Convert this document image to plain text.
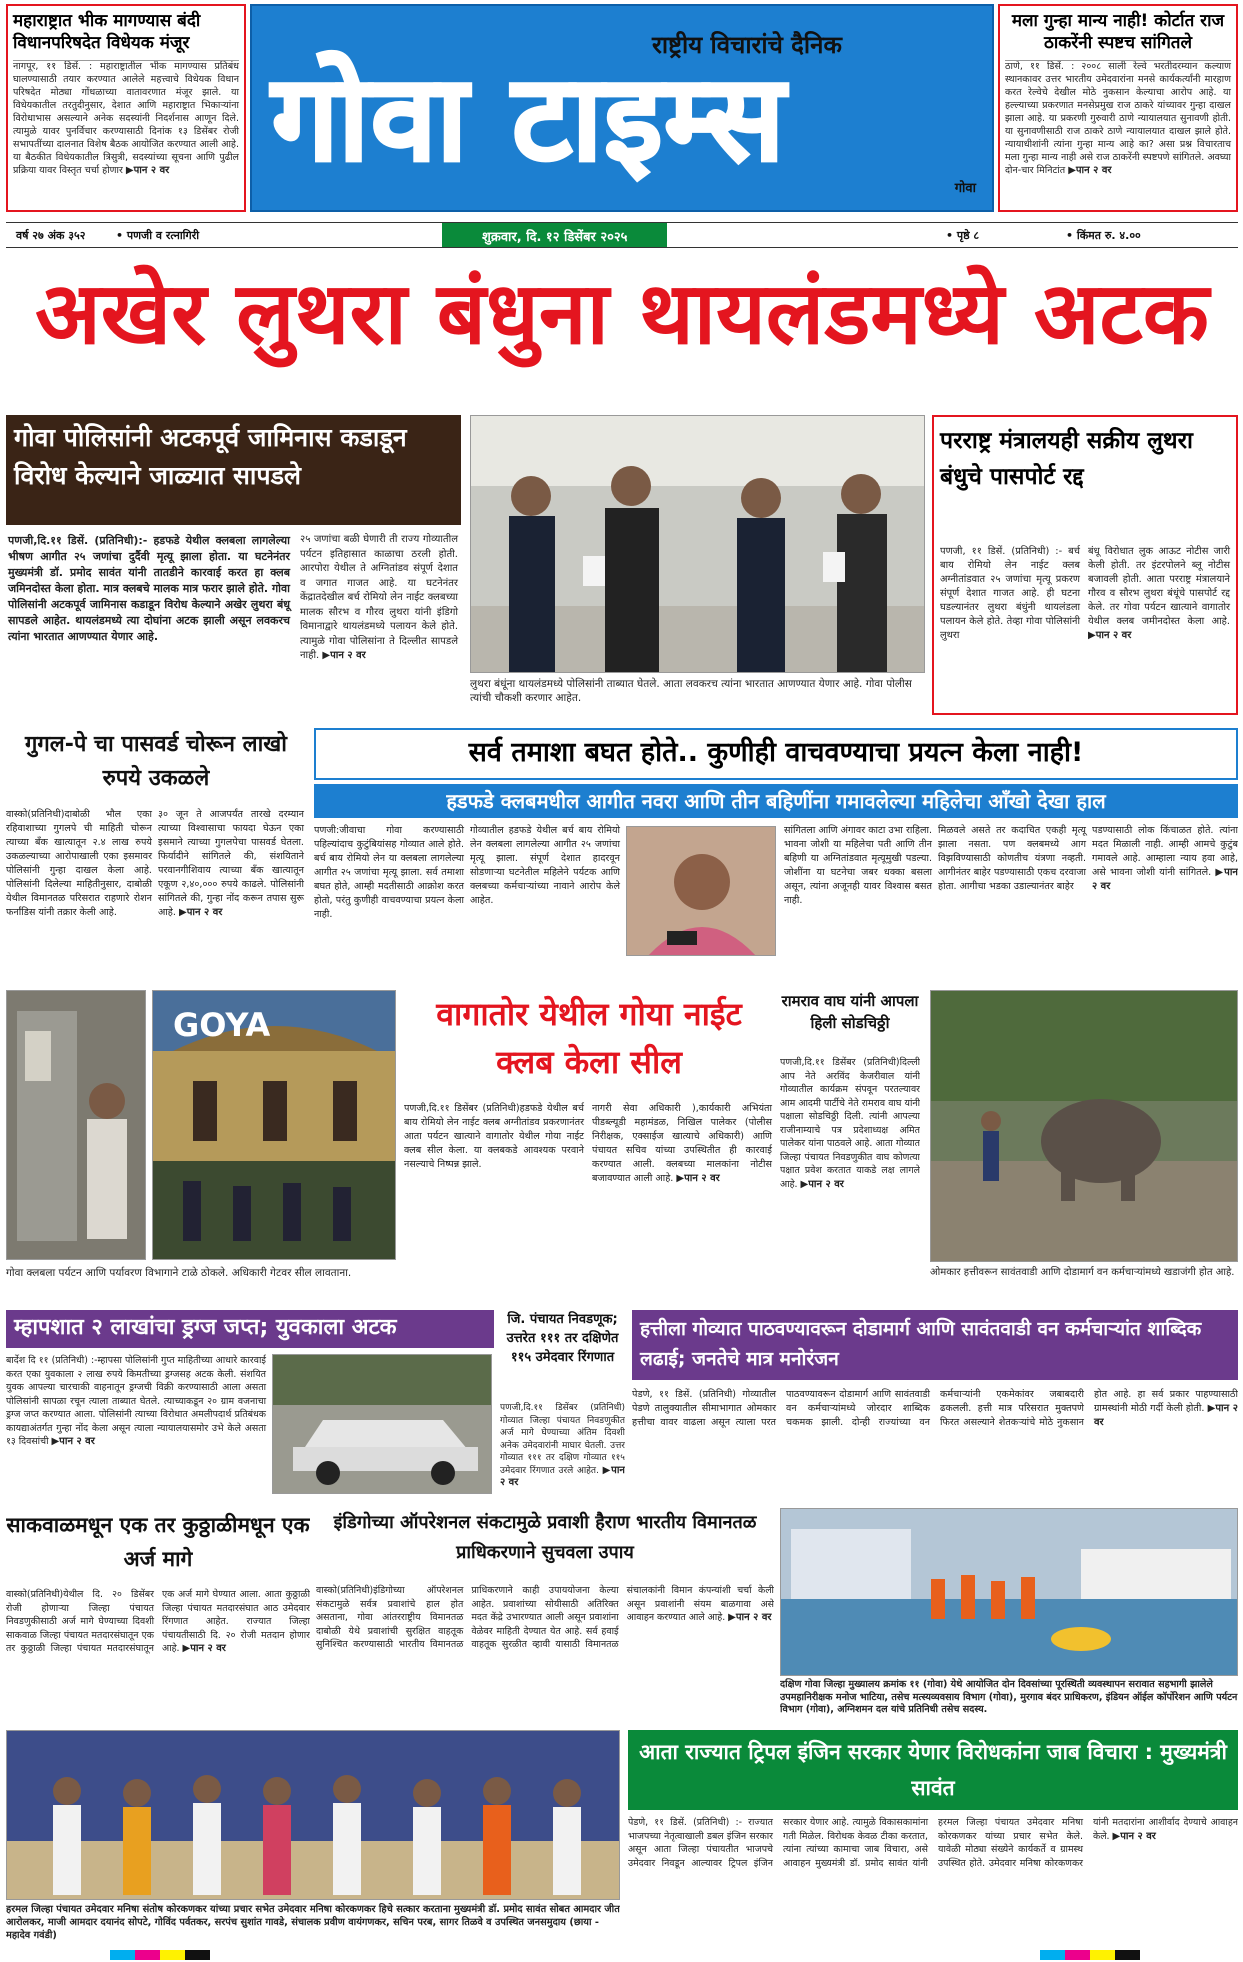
महाराष्ट्रात भीक मागण्यास बंदी विधानपरिषदेत विधेयक मंजूर
नागपूर, ११ डिसें. : महाराष्ट्रातील भीक मागण्यास प्रतिबंध घालण्यासाठी तयार करण्यात आलेले महत्त्वाचे विधेयक विधान परिषदेत मोठ्या गोंधळाच्या वातावरणात मंजूर झाले. या विधेयकातील तरतुदीनुसार, देशात आणि महाराष्ट्रात भिकाऱ्यांना विरोधाभास असल्याने अनेक सदस्यांनी निदर्शनास आणून दिले. त्यामुळे यावर पुनर्विचार करण्यासाठी दिनांक १३ डिसेंबर रोजी सभापतींच्या दालनात विशेष बैठक आयोजित करण्यात आली आहे. या बैठकीत विधेयकातील त्रिसुत्री, सदस्यांच्या सूचना आणि पुढील प्रक्रिया यावर विस्तृत चर्चा होणार ▶पान २ वर
राष्ट्रीय विचारांचे दैनिक
गोवा टाइम्स
गोवा
मला गुन्हा मान्य नाही! कोर्टात राज ठाकरेंनी स्पष्टच सांगितले
ठाणे, ११ डिसें. : २००८ साली रेल्वे भरतीदरम्यान कल्याण स्थानकावर उत्तर भारतीय उमेदवारांना मनसे कार्यकर्त्यांनी मारहाण करत रेल्वेचे देखील मोठे नुकसान केल्याचा आरोप आहे. या हल्ल्याच्या प्रकरणात मनसेप्रमुख राज ठाकरे यांच्यावर गुन्हा दाखल झाला आहे. या प्रकरणी गुरुवारी ठाणे न्यायालयात सुनावणी होती. या सुनावणीसाठी राज ठाकरे ठाणे न्यायालयात दाखल झाले होते. न्यायाधीशांनी त्यांना गुन्हा मान्य आहे का? असा प्रश्न विचारताच मला गुन्हा मान्य नाही असे राज ठाकरेंनी स्पष्टपणे सांगितले. अवघ्या दोन-चार मिनिटांत ▶पान २ वर
वर्ष २७ अंक ३५२	• पणजी व रत्नागिरी	शुक्रवार, दि. १२ डिसेंबर २०२५	• पृष्ठे ८	• किंमत रु. ४.००
अखेर लुथरा बंधुना थायलंडमध्ये अटक
गोवा पोलिसांनी अटकपूर्व जामिनास कडाडून विरोध केल्याने जाळ्यात सापडले
पणजी,दि.११ डिसें. (प्रतिनिधी):- हडफडे येथील क्लबला लागलेल्या भीषण आगीत २५ जणांचा दुर्दैवी मृत्यू झाला होता. या घटनेनंतर मुख्यमंत्री डॉ. प्रमोद सावंत यांनी तातडीने कारवाई करत हा क्लब जमिनदोस्त केला होता. मात्र क्लबचे मालक मात्र फरार झाले होते. गोवा पोलिसांनी अटकपूर्व जामिनास कडाडून विरोध केल्याने अखेर लुथरा बंधू सापडले आहेत. थायलंडमध्ये त्या दोघांना अटक झाली असून लवकरच त्यांना भारतात आणण्यात येणार आहे.
२५ जणांचा बळी घेणारी ती राज्य गोव्यातील पर्यटन इतिहासात काळाचा ठरली होती. आरपोरा येथील ते अग्नितांडव संपूर्ण देशात व जगात गाजत आहे. या घटनेनंतर केंद्रातदेखील बर्च रोमियो लेन नाईट क्लबच्या मालक सौरभ व गौरव लुथरा यांनी इंडिगो विमानाद्वारे थायलंडमध्ये पलायन केले होते. त्यामुळे गोवा पोलिसांना ते दिल्लीत सापडले नाही. ▶पान २ वर
लुथरा बंधूंना थायलंडमध्ये पोलिसांनी ताब्यात घेतले. आता लवकरच त्यांना भारतात आणण्यात येणार आहे. गोवा पोलीस त्यांची चौकशी करणार आहेत.
परराष्ट्र मंत्रालयही सक्रीय लुथरा बंधुचे पासपोर्ट रद्द
पणजी, ११ डिसें. (प्रतिनिधी) :- बर्च बाय रोमियो लेन नाईट क्लब अग्नीतांडवात २५ जणांचा मृत्यू प्रकरण संपूर्ण देशात गाजत आहे. ही घटना घडल्यानंतर लुथरा बंधुंनी थायलंडला पलायन केले होते. तेव्हा गोवा पोलिसांनी लुथरा
बंधू विरोधात लुक आऊट नोटीस जारी केली होती. तर इंटरपोलने ब्लू नोटीस बजावली होती. आता परराष्ट्र मंत्रालयाने गौरव व सौरभ लुथरा बंधूंचे पासपोर्ट रद्द केले. तर गोवा पर्यटन खात्याने वागातोर येथील क्लब जमीनदोस्त केला आहे. ▶पान २ वर
गुगल-पे चा पासवर्ड चोरून लाखो रुपये उकळले
वास्को(प्रतिनिधी)दाबोळी भौल एका रहिवाशाच्या गुगलपे ची माहिती चोरून त्याच्या बँक खात्यातून २.४ लाख रुपये उकळल्याच्या आरोपाखाली एका इसमावर पोलिसांनी गुन्हा दाखल केला आहे. पोलिसांनी दिलेल्या माहितीनुसार, दाबोळी येथील विमानतळ परिसरात राहणारे रोशन फर्नांडिस यांनी तक्रार केली आहे.
३० जून ते आजपर्यंत तारखे दरम्यान त्याच्या विश्वासाचा फायदा घेऊन एका इसमाने त्याच्या गुगलपेचा पासवर्ड घेतला. फिर्यादीने सांगितले की, संशयिताने परवानगीशिवाय त्याच्या बँक खात्यातून एकूण २,४०,००० रुपये काढले. पोलिसांनी सांगितले की, गुन्हा नोंद करून तपास सुरू आहे. ▶पान २ वर
सर्व तमाशा बघत होते.. कुणीही वाचवण्याचा प्रयत्न केला नाही!
हडफडे क्लबमधील आगीत नवरा आणि तीन बहिणींना गमावलेल्या महिलेचा आँखो देखा हाल
पणजी:जीवाचा गोवा करण्यासाठी पहिल्यांदाच कुटुंबियांसह गोव्यात आले होते. बर्च बाय रोमियो लेन या क्लबला लागलेल्या आगीत २५ जणांचा मृत्यू झाला. सर्व तमाशा बघत होते, आम्ही मदतीसाठी आक्रोश करत होतो, परंतु कुणीही वाचवण्याचा प्रयत्न केला नाही.
गोव्यातील हडफडे येथील बर्च बाय रोमियो लेन क्लबला लागलेल्या आगीत २५ जणांचा मृत्यू झाला. संपूर्ण देशात हादरवून सोडणाऱ्या घटनेतील महिलेने पर्यटक आणि क्लबच्या कर्मचाऱ्यांच्या नावाने आरोप केले आहेत.
सांगितला आणि अंगावर काटा उभा राहिला. भावना जोशी या महिलेचा पती आणि तीन बहिणी या अग्नितांडवात मृत्यूमुखी पडल्या. जोशींना या घटनेचा जबर धक्का बसला असून, त्यांना अजूनही यावर विश्वास बसत नाही.
मिळवले असते तर कदाचित एकही मृत्यू झाला नसता. पण क्लबमध्ये आग विझविण्यासाठी कोणतीच यंत्रणा नव्हती. आगीनंतर बाहेर पडण्यासाठी एकच दरवाजा होता. आगीचा भडका उडाल्यानंतर बाहेर
पडण्यासाठी लोक किंचाळत होते. त्यांना मदत मिळाली नाही. आम्ही आमचे कुटुंब गमावले आहे. आम्हाला न्याय हवा आहे, असे भावना जोशी यांनी सांगितले. ▶पान २ वर
GOYA
गोवा क्लबला पर्यटन आणि पर्यावरण विभागाने टाळे ठोकले. अधिकारी गेटवर सील लावताना.
वागातोर येथील गोया नाईट क्लब केला सील
पणजी,दि.११ डिसेंबर (प्रतिनिधी)हडफडे येथील बर्च बाय रोमियो लेन नाईट क्लब अग्नीतांडव प्रकरणानंतर आता पर्यटन खात्याने वागातोर येथील गोया नाईट क्लब सील केला. या क्लबकडे आवश्यक परवाने नसल्याचे निष्पन्न झाले.
नागरी सेवा अधिकारी ),कार्यकारी अभियंता पीडब्ल्यूडी महामंडळ, निखिल पालेकर (पोलीस निरीक्षक, एक्साईज खात्याचे अधिकारी) आणि पंचायत सचिव यांच्या उपस्थितीत ही कारवाई करण्यात आली. क्लबच्या मालकांना नोटीस बजावण्यात आली आहे. ▶पान २ वर
रामराव वाघ यांनी आपला हिली सोडचिठ्ठी
पणजी,दि.११ डिसेंबर (प्रतिनिधी)दिल्ली आप नेते अरविंद केजरीवाल यांनी गोव्यातील कार्यक्रम संपवून परतल्यावर आम आदमी पार्टीचे नेते रामराव वाघ यांनी पक्षाला सोडचिठ्ठी दिली. त्यांनी आपल्या राजीनाम्याचे पत्र प्रदेशाध्यक्ष अमित पालेकर यांना पाठवले आहे. आता गोव्यात जिल्हा पंचायत निवडणुकीत वाघ कोणत्या पक्षात प्रवेश करतात याकडे लक्ष लागले आहे. ▶पान २ वर
ओमकार हत्तीवरून सावंतवाडी आणि दोडामार्ग वन कर्मचाऱ्यांमध्ये खडाजंगी होत आहे.
म्हापशात २ लाखांचा ड्रग्ज जप्त; युवकाला अटक
बार्देश दि ११ (प्रतिनिधी) :-म्हापसा पोलिसांनी गुप्त माहितीच्या आधारे कारवाई करत एका युवकाला २ लाख रुपये किमतीच्या ड्रग्जसह अटक केली. संशयित युवक आपल्या चारचाकी वाहनातून ड्रग्जची विक्री करण्यासाठी आला असता पोलिसांनी सापळा रचून त्याला ताब्यात घेतले. त्याच्याकडून २० ग्राम वजनाचा ड्रग्ज जप्त करण्यात आला. पोलिसांनी त्याच्या विरोधात अमलीपदार्थ प्रतिबंधक कायद्याअंतर्गत गुन्हा नोंद केला असून त्याला न्यायालयासमोर उभे केले असता १३ दिवसांची ▶पान २ वर
जि. पंचायत निवडणूक; उत्तरेत १११ तर दक्षिणेत ११५ उमेदवार रिंगणात
पणजी,दि.११ डिसेंबर (प्रतिनिधी) गोव्यात जिल्हा पंचायत निवडणुकीत अर्ज मागे घेण्याच्या अंतिम दिवशी अनेक उमेदवारांनी माघार घेतली. उत्तर गोव्यात १११ तर दक्षिण गोव्यात ११५ उमेदवार रिंगणात उरले आहेत. ▶पान २ वर
हत्तीला गोव्यात पाठवण्यावरून दोडामार्ग आणि सावंतवाडी वन कर्मचाऱ्यांत शाब्दिक लढाई; जनतेचे मात्र मनोरंजन
पेडणे, ११ डिसें. (प्रतिनिधी) गोव्यातील पेडणे तालुक्यातील सीमाभागात ओमकार हत्तीचा वावर वाढला असून त्याला परत पाठवण्यावरून दोडामार्ग आणि सावंतवाडी वन कर्मचाऱ्यांमध्ये जोरदार शाब्दिक चकमक झाली. दोन्ही राज्यांच्या वन कर्मचाऱ्यांनी एकमेकांवर जबाबदारी ढकलली. हत्ती मात्र परिसरात मुक्तपणे फिरत असल्याने शेतकऱ्यांचे मोठे नुकसान होत आहे. हा सर्व प्रकार पाहण्यासाठी ग्रामस्थांनी मोठी गर्दी केली होती. ▶पान २ वर
साकवाळमधून एक तर कुठ्ठाळीमधून एक अर्ज मागे
वास्को(प्रतिनिधी)येथील दि. २० डिसेंबर रोजी होणाऱ्या जिल्हा पंचायत निवडणुकीसाठी अर्ज मागे घेण्याच्या दिवशी साकवाळ जिल्हा पंचायत मतदारसंघातून एक तर कुठ्ठाळी जिल्हा पंचायत मतदारसंघातून एक अर्ज मागे घेण्यात आला. आता कुठ्ठाळी जिल्हा पंचायत मतदारसंघात आठ उमेदवार रिंगणात आहेत. राज्यात जिल्हा पंचायतीसाठी दि. २० रोजी मतदान होणार आहे. ▶पान २ वर
इंडिगोच्या ऑपरेशनल संकटामुळे प्रवाशी हैराण भारतीय विमानतळ प्राधिकरणाने सुचवला उपाय
वास्को(प्रतिनिधी)इंडिगोच्या ऑपरेशनल संकटामुळे सर्वत्र प्रवाशांचे हाल होत असताना, गोवा आंतरराष्ट्रीय विमानतळ दाबोळी येथे प्रवाशांची सुरक्षित वाहतूक सुनिश्चित करण्यासाठी भारतीय विमानतळ प्राधिकरणाने काही उपाययोजना केल्या आहेत. प्रवाशांच्या सोयीसाठी अतिरिक्त मदत केंद्रे उभारण्यात आली असून प्रवाशांना वेळेवर माहिती देण्यात येत आहे. सर्व हवाई वाहतूक सुरळीत व्हावी यासाठी विमानतळ संचालकांनी विमान कंपन्यांशी चर्चा केली असून प्रवाशांनी संयम बाळगावा असे आवाहन करण्यात आले आहे. ▶पान २ वर
दक्षिण गोवा जिल्हा मुख्यालय क्रमांक ११ (गोवा) येथे आयोजित दोन दिवसांच्या पूरस्थिती व्यवस्थापन सरावात सहभागी झालेले उपमहानिरीक्षक मनोज भाटिया, तसेच मत्स्यव्यवसाय विभाग (गोवा), मुरगाव बंदर प्राधिकरण, इंडियन ऑईल कॉर्पोरेशन आणि पर्यटन विभाग (गोवा), अग्निशमन दल यांचे प्रतिनिधी तसेच सदस्य.
हरमल जिल्हा पंचायत उमेदवार मनिषा संतोष कोरकणकर यांच्या प्रचार सभेत उमेदवार मनिषा कोरकणकर हिचे सत्कार करताना मुख्यमंत्री डॉ. प्रमोद सावंत सोबत आमदार जीत आरोलकर, माजी आमदार दयानंद सोपटे, गोविंद पर्वतकर, सरपंच सुशांत गावडे, संचालक प्रवीण वायंगणकर, सचिन परब, सागर तिळवे व उपस्थित जनसमुदाय (छाया - महादेव गवंडी)
आता राज्यात ट्रिपल इंजिन सरकार येणार विरोधकांना जाब विचारा : मुख्यमंत्री सावंत
पेडणे, ११ डिसें. (प्रतिनिधी) :- राज्यात भाजपच्या नेतृत्वाखाली डबल इंजिन सरकार असून आता जिल्हा पंचायतीत भाजपचे उमेदवार निवडून आल्यावर ट्रिपल इंजिन सरकार येणार आहे. त्यामुळे विकासकामांना गती मिळेल. विरोधक केवळ टीका करतात, त्यांना त्यांच्या कामाचा जाब विचारा, असे आवाहन मुख्यमंत्री डॉ. प्रमोद सावंत यांनी हरमल जिल्हा पंचायत उमेदवार मनिषा कोरकणकर यांच्या प्रचार सभेत केले. यावेळी मोठ्या संख्येने कार्यकर्ते व ग्रामस्थ उपस्थित होते. उमेदवार मनिषा कोरकणकर यांनी मतदारांना आशीर्वाद देण्याचे आवाहन केले. ▶पान २ वर
